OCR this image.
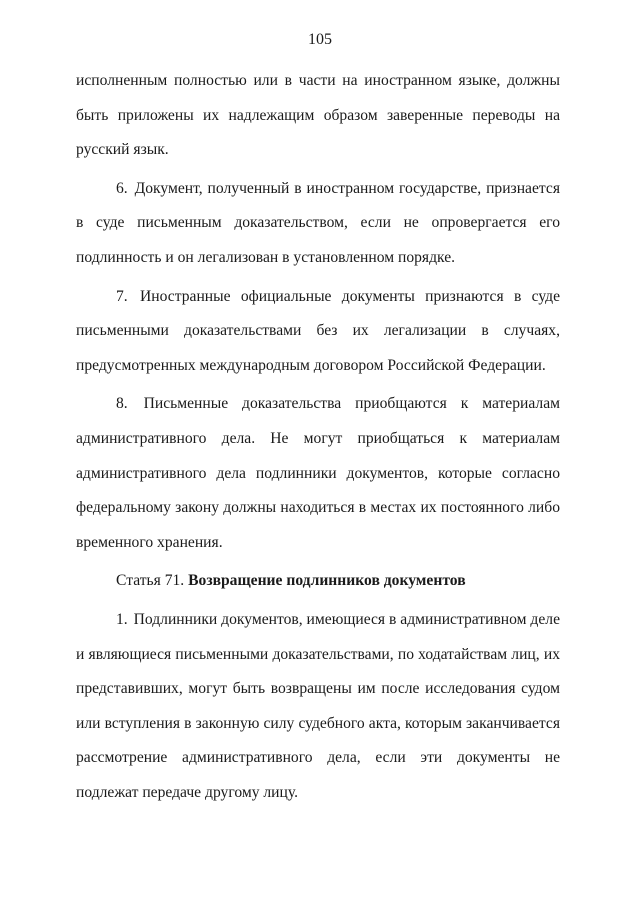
105

исполненным полностью или в части на иностранном языке, должны быть приложены их надлежащим образом заверенные переводы на русский язык.

6. Документ, полученный в иностранном государстве, признается в суде письменным доказательством, если не опровергается его подлинность и он легализован в установленном порядке.

7. Иностранные официальные документы признаются в суде письменными доказательствами без их легализации в случаях, предусмотренных международным договором Российской Федерации.

8. Письменные доказательства приобщаются к материалам административного дела. Не могут приобщаться к материалам административного дела подлинники документов, которые согласно федеральному закону должны находиться в местах их постоянного либо временного хранения.

Статья 71. Возвращение подлинников документов

1. Подлинники документов, имеющиеся в административном деле и являющиеся письменными доказательствами, по ходатайствам лиц, их представивших, могут быть возвращены им после исследования судом или вступления в законную силу судебного акта, которым заканчивается рассмотрение административного дела, если эти документы не подлежат передаче другому лицу.
